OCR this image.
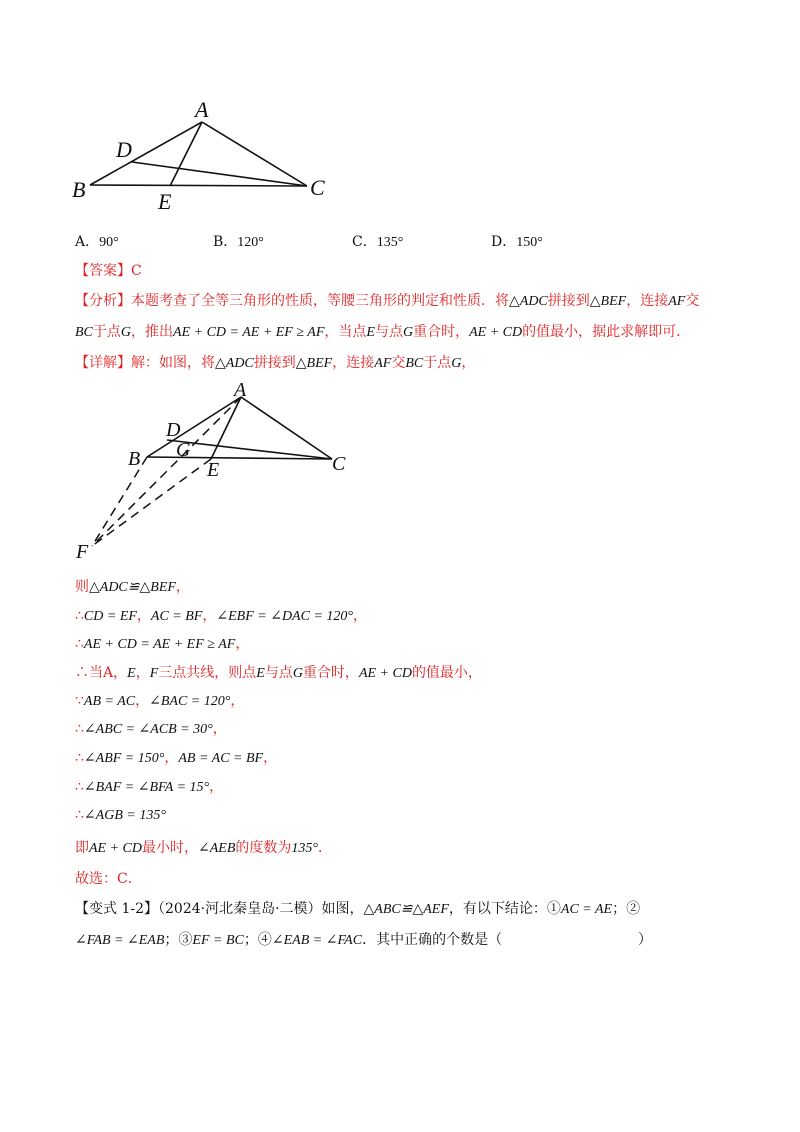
A
B	C
D
E
A．90°	B．120°	C．135°	D．150°
【答案】C
【分析】本题考查了全等三角形的性质，等腰三角形的判定和性质．将△ADC拼接到△BEF，连接AF交
BC于点G，推出AE + CD = AE + EF ≥ AF，当点E与点G重合时，AE + CD的值最小，据此求解即可．
【详解】解：如图，将△ADC拼接到△BEF，连接AF交BC于点G，
A
B	C
D
E
F
G
则△ADC≌△BEF，
∴CD = EF，AC = BF，∠EBF = ∠DAC = 120°，
∴AE + CD = AE + EF ≥ AF，
∴当A，E，F三点共线，则点E与点G重合时，AE + CD的值最小，
∵AB = AC，∠BAC = 120°，
∴∠ABC = ∠ACB = 30°，
∴∠ABF = 150°，AB = AC = BF，
∴∠BAF = ∠BFA = 15°，
∴∠AGB = 135°
即AE + CD最小时，∠AEB的度数为135°．
故选：C．
【变式 1-2】（2024·河北秦皇岛·二模）如图，△ABC≌△AEF，有以下结论：①AC = AE；②
∠FAB = ∠EAB；③EF = BC；④∠EAB = ∠FAC．其中正确的个数是（	）
